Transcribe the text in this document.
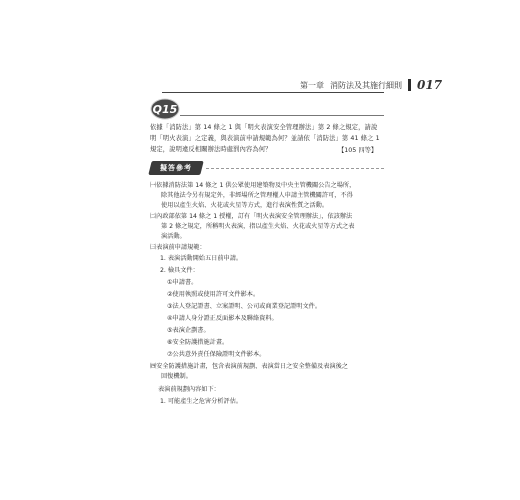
第一章 消防法及其施行細則 017
Q15
依據「消防法」第 14 條之 1 與「明火表演安全管理辦法」第 2 條之規定，請說明「明火表演」之定義，與表演前申請規範為何？並請依「消防法」第 41 條之 1 規定，說明違反相關辦法時處罰內容為何？	【105 四等】
擬答參考
㈠依據消防法第 14 條之 1 供公眾使用建築物及中央主管機關公告之場所，
除其他法令另有規定外，非經場所之管理權人申請主管機關許可，不得
使用以產生火焰、火花或火星等方式，進行表演性質之活動。
㈡內政部依第 14 條之 1 授權，訂有「明火表演安全管理辦法」，依該辦法
第 2 條之規定，所稱明火表演，指以產生火焰、火花或火星等方式之表
演活動。
㈢表演前申請規範：
1. 表演活動開始五日前申請。
2. 檢具文件：
①申請書。
②使用執照或使用許可文件影本。
③法人登記證書、立案證明、公司或商業登記證明文件。
④申請人身分證正反面影本及聯絡資料。
⑤表演企劃書。
⑥安全防護措施計畫。
⑦公共意外責任保險證明文件影本。
㈣安全防護措施計畫，包含表演前規劃、表演當日之安全整備及表演後之
回復機制。
表演前規劃內容如下：
1. 可能產生之危害分析評估。
